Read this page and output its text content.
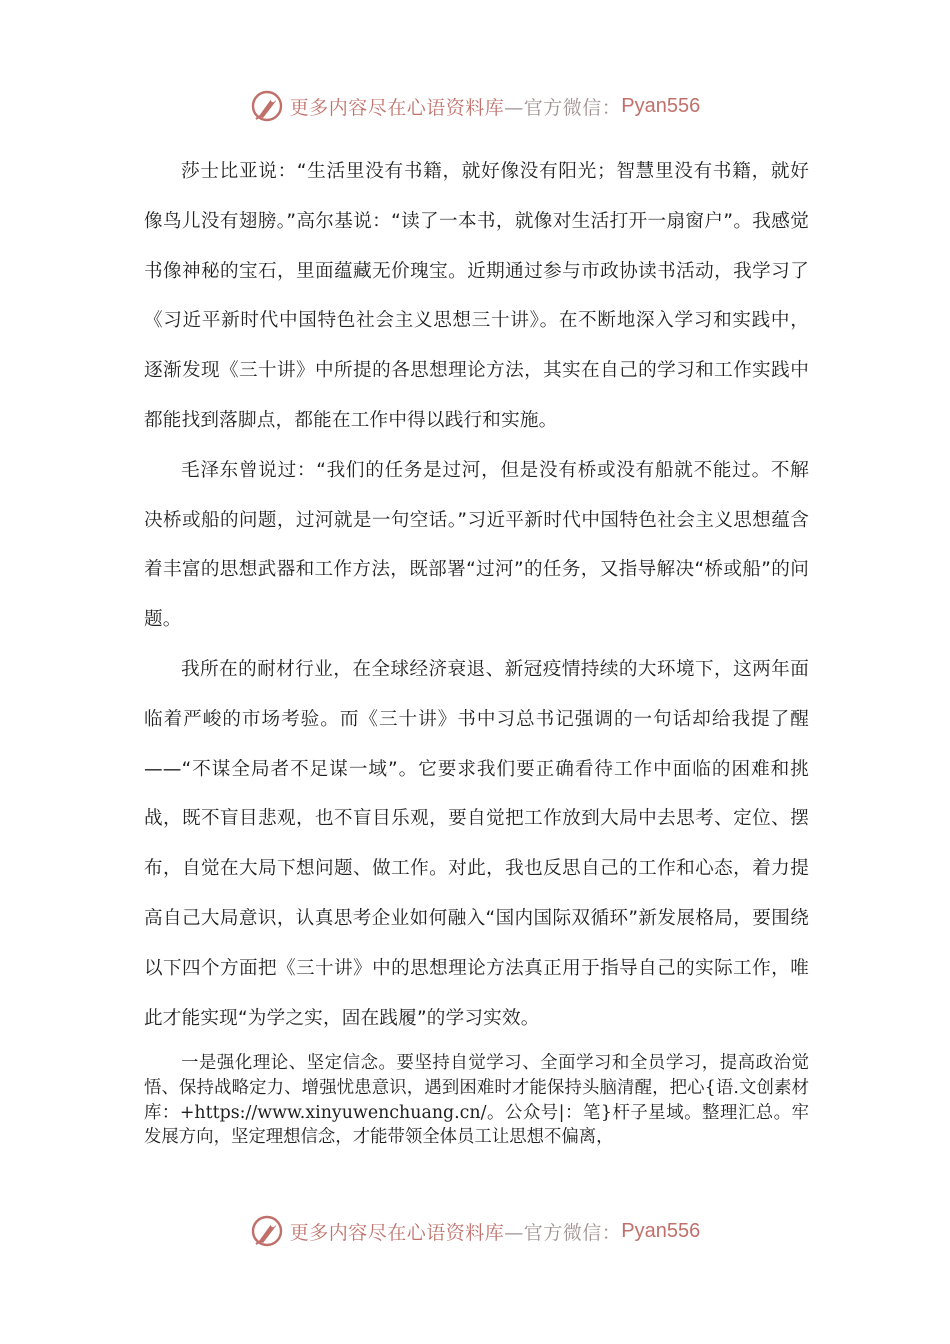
更多内容尽在心语资料库 —官方微信： Pyan556

莎士比亚说：“生活里没有书籍，就好像没有阳光；智慧里没有书籍，就好像鸟儿没有翅膀。”高尔基说：“读了一本书，就像对生活打开一扇窗户”。我感觉书像神秘的宝石，里面蕴藏无价瑰宝。近期通过参与市政协读书活动，我学习了《习近平新时代中国特色社会主义思想三十讲》。在不断地深入学习和实践中，逐渐发现《三十讲》中所提的各思想理论方法，其实在自己的学习和工作实践中都能找到落脚点，都能在工作中得以践行和实施。

毛泽东曾说过：“我们的任务是过河，但是没有桥或没有船就不能过。不解决桥或船的问题，过河就是一句空话。”习近平新时代中国特色社会主义思想蕴含着丰富的思想武器和工作方法，既部署“过河”的任务，又指导解决“桥或船”的问题。

我所在的耐材行业，在全球经济衰退、新冠疫情持续的大环境下，这两年面临着严峻的市场考验。而《三十讲》书中习总书记强调的一句话却给我提了醒——“不谋全局者不足谋一域”。它要求我们要正确看待工作中面临的困难和挑战，既不盲目悲观，也不盲目乐观，要自觉把工作放到大局中去思考、定位、摆布，自觉在大局下想问题、做工作。对此，我也反思自己的工作和心态，着力提高自己大局意识，认真思考企业如何融入“国内国际双循环”新发展格局，要围绕以下四个方面把《三十讲》中的思想理论方法真正用于指导自己的实际工作，唯此才能实现“为学之实，固在践履”的学习实效。

一是强化理论、坚定信念。要坚持自觉学习、全面学习和全员学习，提高政治觉悟、保持战略定力、增强忧患意识，遇到困难时才能保持头脑清醒，把心{语.文创素材库：+https://www.xinyuwenchuang.cn/。公众号|：笔}杆子星域。整理汇总。牢发展方向，坚定理想信念，才能带领全体员工让思想不偏离，

更多内容尽在心语资料库 —官方微信： Pyan556
